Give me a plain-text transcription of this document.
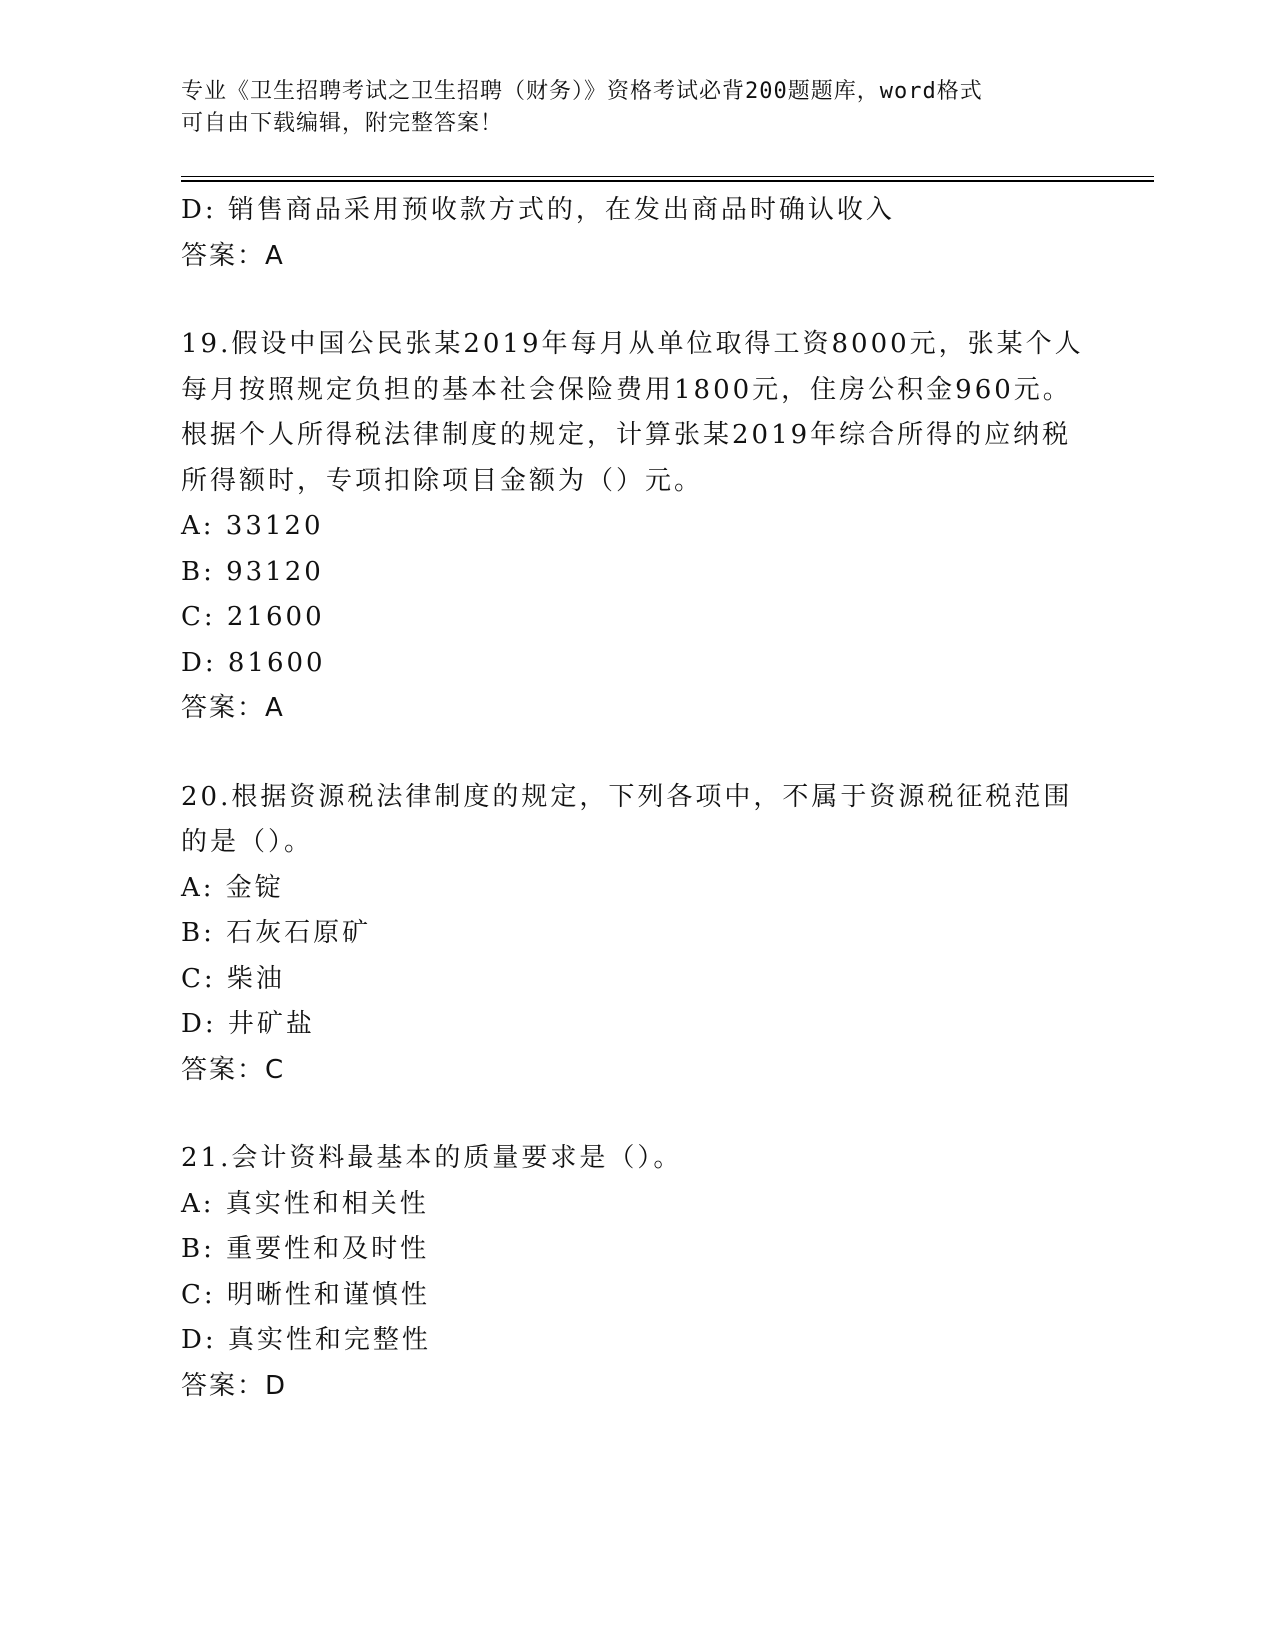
专业《卫生招聘考试之卫生招聘（财务）》资格考试必背200题题库，word格式
可自由下载编辑，附完整答案！
D: 销售商品采用预收款方式的，在发出商品时确认收入
答案：A
19.假设中国公民张某2019年每月从单位取得工资8000元，张某个人
每月按照规定负担的基本社会保险费用1800元，住房公积金960元。
根据个人所得税法律制度的规定，计算张某2019年综合所得的应纳税
所得额时，专项扣除项目金额为（）元。
A: 33120
B: 93120
C: 21600
D: 81600
答案：A
20.根据资源税法律制度的规定，下列各项中，不属于资源税征税范围
的是（）。
A: 金锭
B: 石灰石原矿
C: 柴油
D: 井矿盐
答案：C
21.会计资料最基本的质量要求是（）。
A: 真实性和相关性
B: 重要性和及时性
C: 明晰性和谨慎性
D: 真实性和完整性
答案：D
